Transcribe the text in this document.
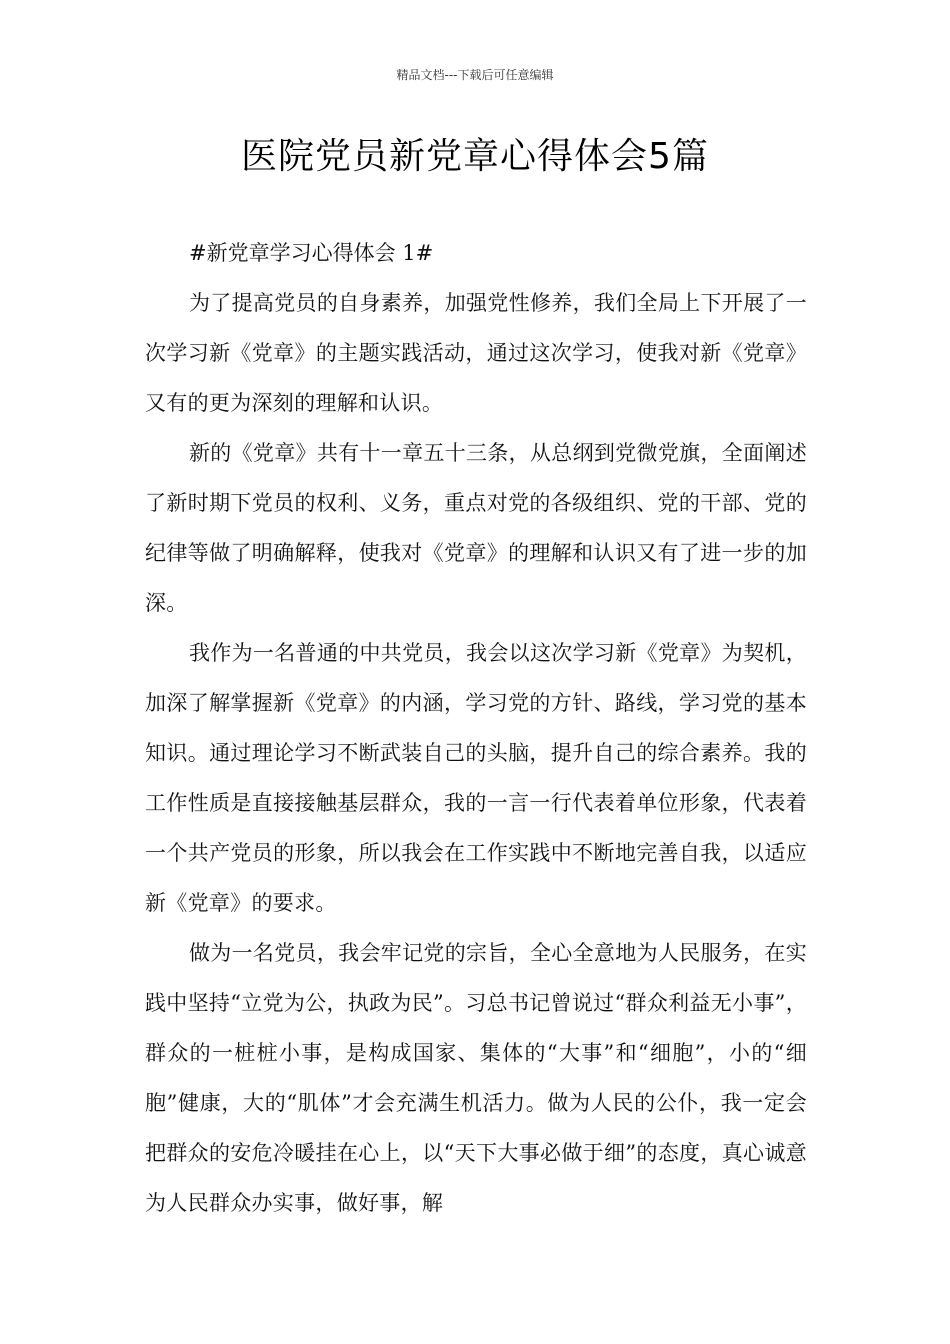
精品文档---下载后可任意编辑
医院党员新党章心得体会5篇

#新党章学习心得体会 1#

为了提高党员的自身素养，加强党性修养，我们全局上下开展了一次学习新《党章》的主题实践活动，通过这次学习，使我对新《党章》又有的更为深刻的理解和认识。

新的《党章》共有十一章五十三条，从总纲到党微党旗，全面阐述了新时期下党员的权利、义务，重点对党的各级组织、党的干部、党的纪律等做了明确解释，使我对《党章》的理解和认识又有了进一步的加深。

我作为一名普通的中共党员，我会以这次学习新《党章》为契机，加深了解掌握新《党章》的内涵，学习党的方针、路线，学习党的基本知识。通过理论学习不断武装自己的头脑，提升自己的综合素养。我的工作性质是直接接触基层群众，我的一言一行代表着单位形象，代表着一个共产党员的形象，所以我会在工作实践中不断地完善自我，以适应新《党章》的要求。

做为一名党员，我会牢记党的宗旨，全心全意地为人民服务，在实践中坚持“立党为公，执政为民”。习总书记曾说过“群众利益无小事”，群众的一桩桩小事，是构成国家、集体的“大事”和“细胞”，小的“细胞”健康，大的“肌体”才会充满生机活力。做为人民的公仆，我一定会把群众的安危冷暖挂在心上，以“天下大事必做于细”的态度，真心诚意为人民群众办实事，做好事，解
